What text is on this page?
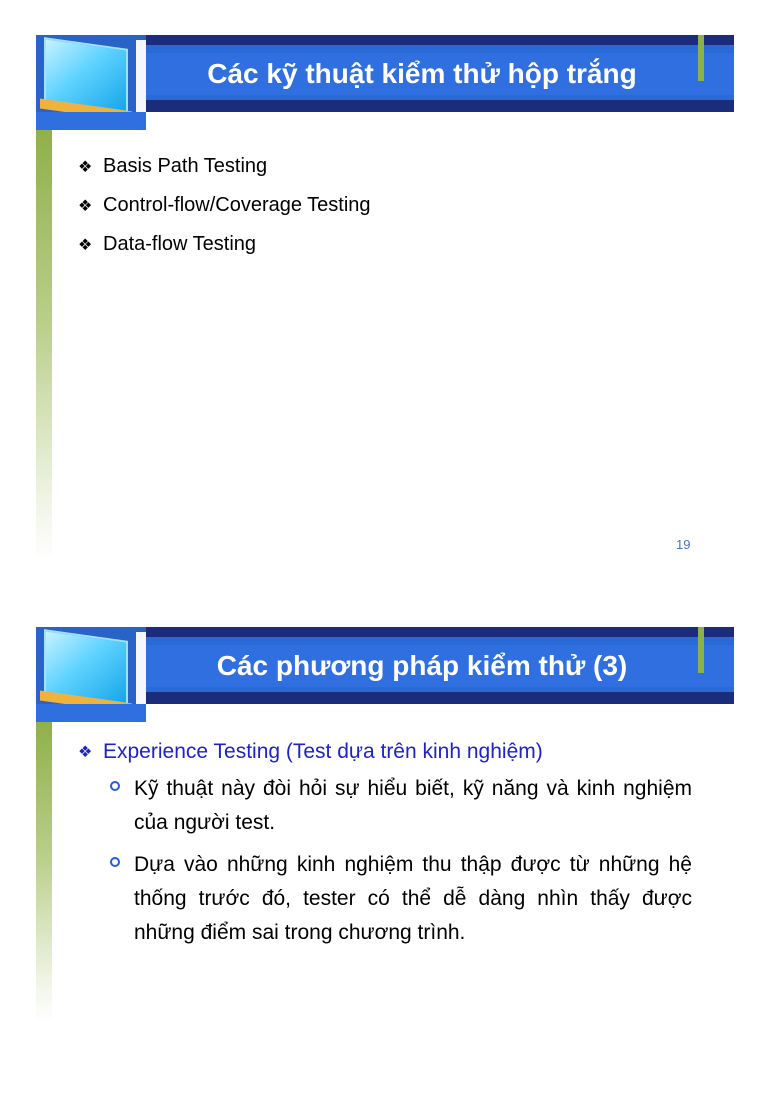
Các kỹ thuật kiểm thử hộp trắng
❖ Basis Path Testing
❖ Control-flow/Coverage Testing
❖ Data-flow Testing
19
Các phương pháp kiểm thử (3)
❖ Experience Testing (Test dựa trên kinh nghiệm)
Kỹ thuật này đòi hỏi sự hiểu biết, kỹ năng và kinh nghiệm của người test.
Dựa vào những kinh nghiệm thu thập được từ những hệ thống trước đó, tester có thể dễ dàng nhìn thấy được những điểm sai trong chương trình.
